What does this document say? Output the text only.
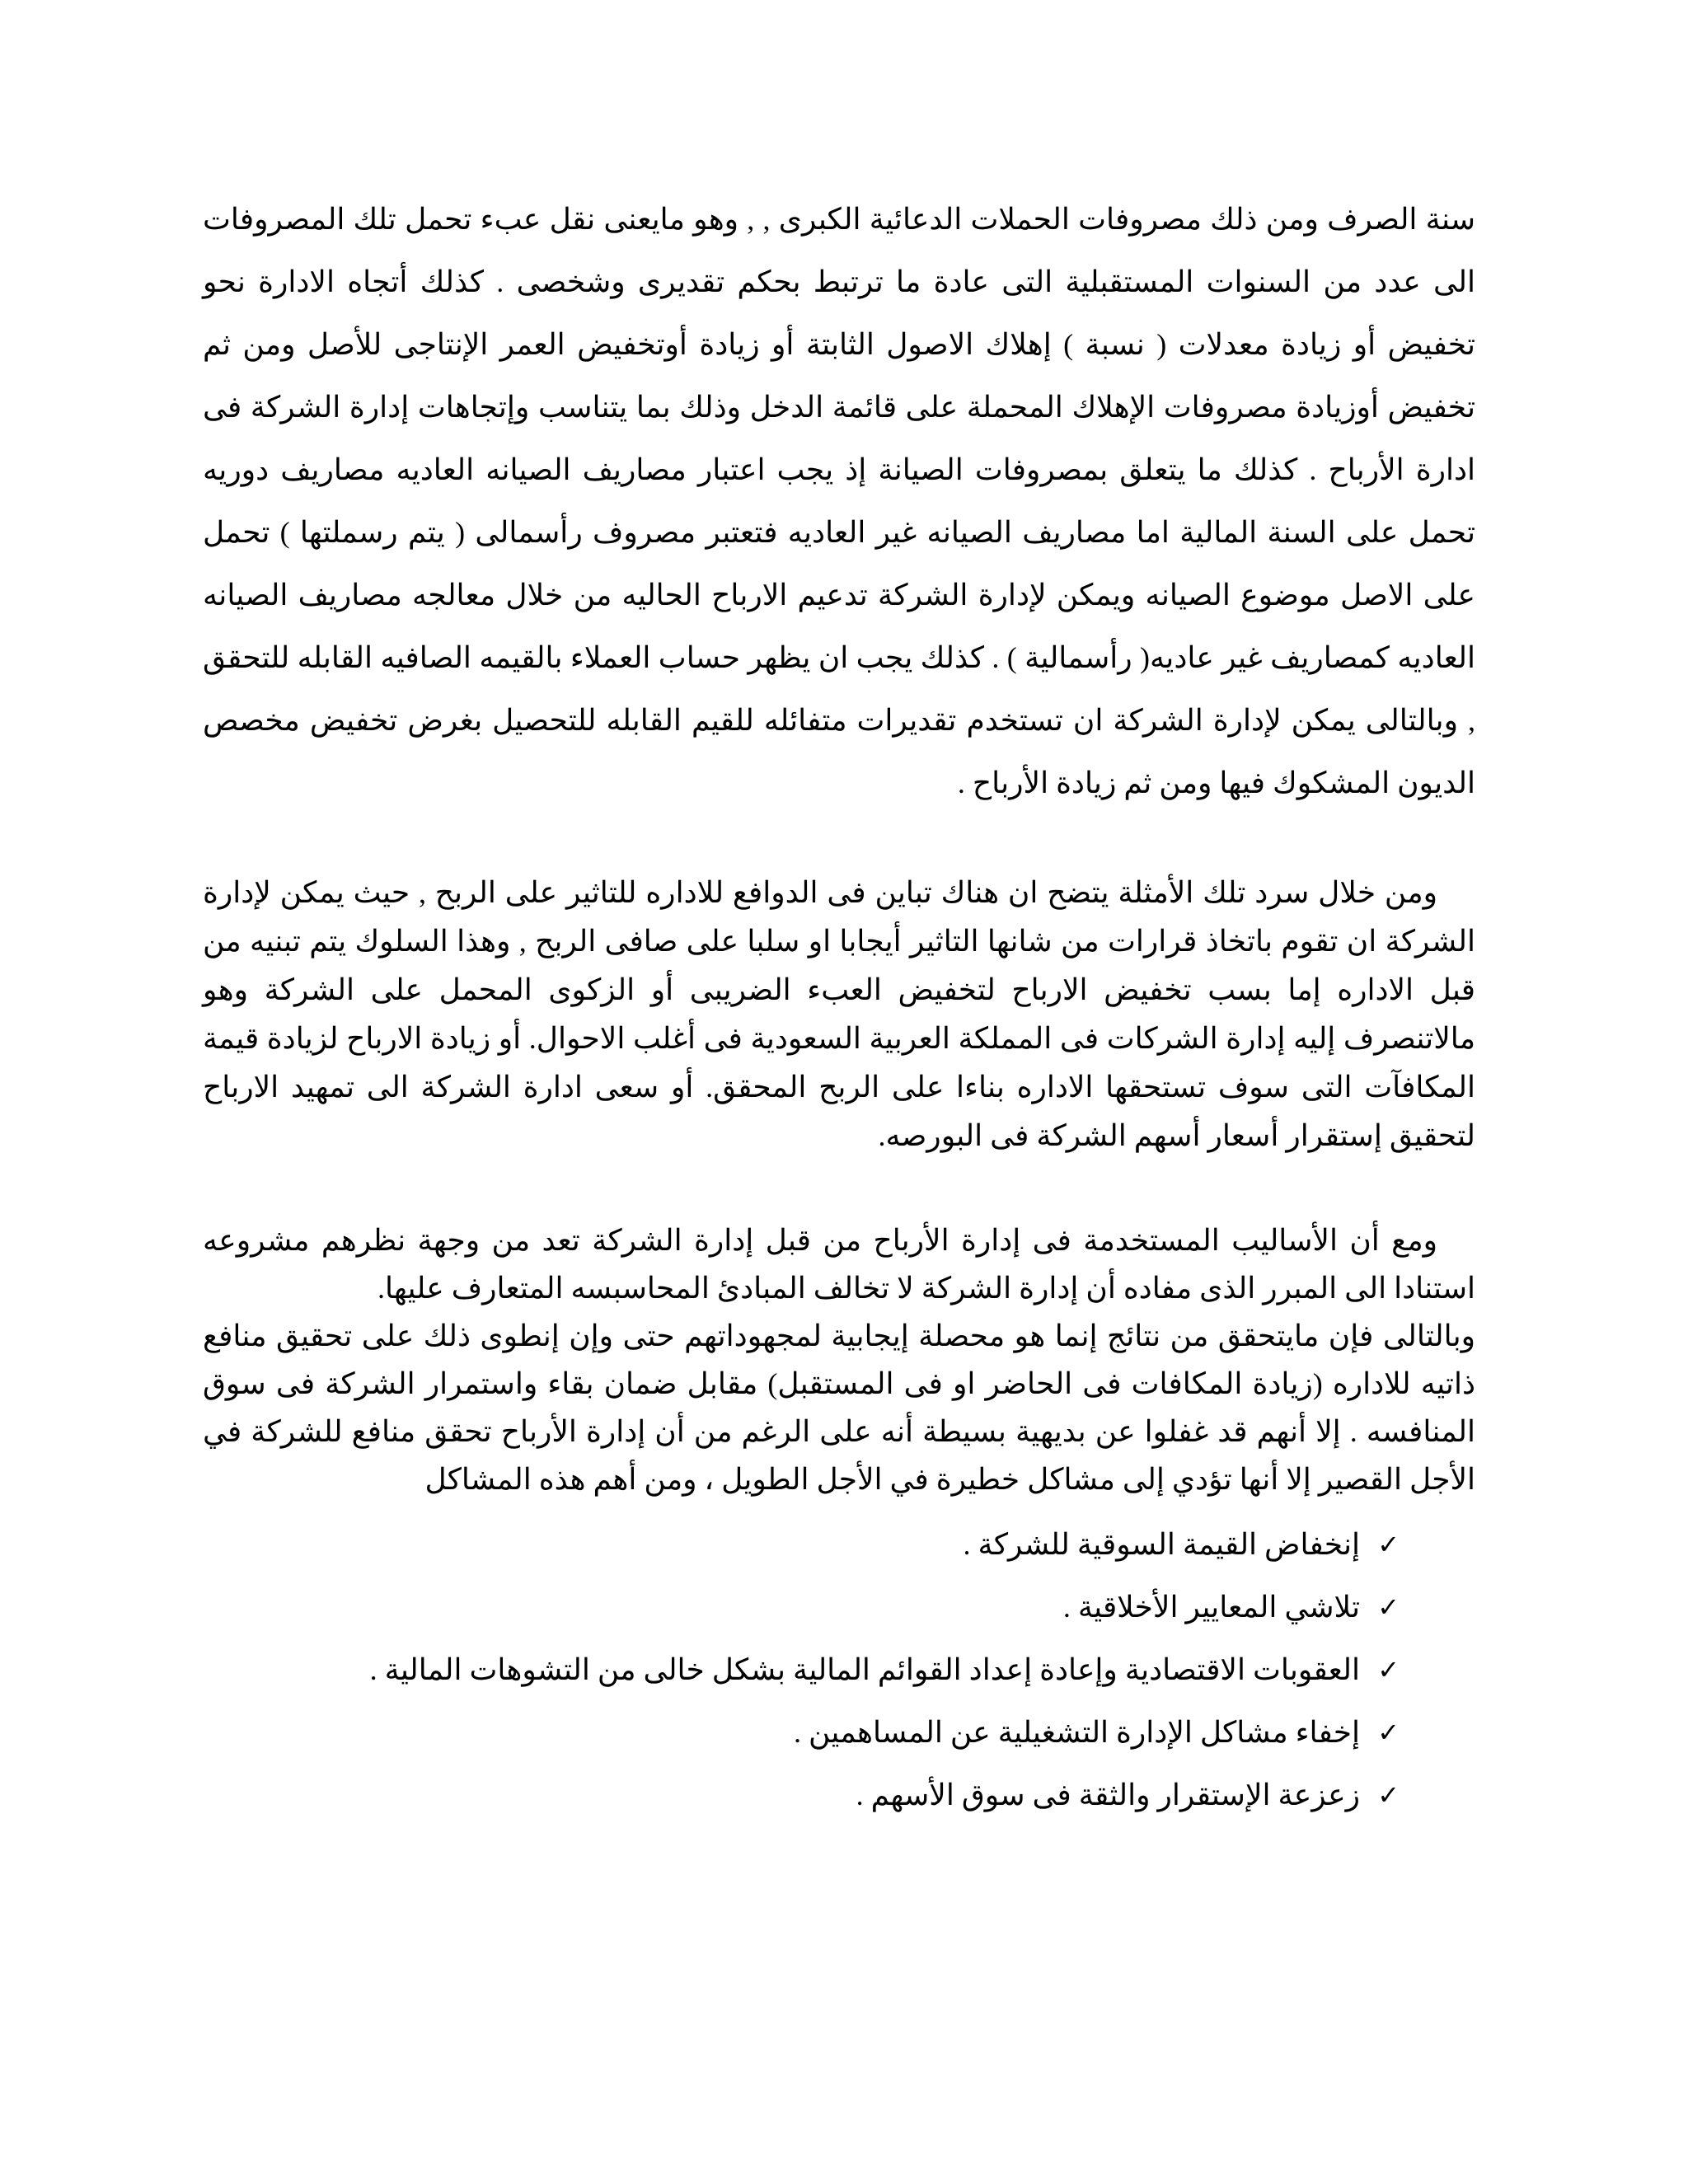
سنة الصرف ومن ذلك مصروفات الحملات الدعائية الكبرى , , وهو مايعنى نقل عبء تحمل تلك المصروفات الى عدد من السنوات المستقبلية التى عادة ما ترتبط بحكم تقديرى وشخصى . كذلك أتجاه الادارة نحو تخفيض أو زيادة معدلات ( نسبة ) إهلاك الاصول الثابتة أو زيادة أوتخفيض العمر الإنتاجى للأصل ومن ثم تخفيض أوزيادة مصروفات الإهلاك المحملة على قائمة الدخل وذلك بما يتناسب وإتجاهات إدارة الشركة فى ادارة الأرباح . كذلك ما يتعلق بمصروفات الصيانة إذ يجب اعتبار مصاريف الصيانه العاديه مصاريف دوريه تحمل على السنة المالية اما مصاريف الصيانه غير العاديه فتعتبر مصروف رأسمالى ( يتم رسملتها ) تحمل على الاصل موضوع الصيانه ويمكن لإدارة الشركة تدعيم الارباح الحاليه من خلال معالجه مصاريف الصيانه العاديه كمصاريف غير عاديه( رأسمالية ) . كذلك يجب ان يظهر حساب العملاء بالقيمه الصافيه القابله للتحقق , وبالتالى يمكن لإدارة الشركة ان تستخدم تقديرات متفائله للقيم القابله للتحصيل بغرض تخفيض مخصص الديون المشكوك فيها ومن ثم زيادة الأرباح .

ومن خلال سرد تلك الأمثلة يتضح ان هناك تباين فى الدوافع للاداره للتاثير على الربح , حيث يمكن لإدارة الشركة ان تقوم باتخاذ قرارات من شانها التاثير أيجابا او سلبا على صافى الربح , وهذا السلوك يتم تبنيه من قبل الاداره إما بسب تخفيض الارباح لتخفيض العبء الضريبى أو الزكوى المحمل على الشركة وهو مالاتنصرف إليه إدارة الشركات فى المملكة العربية السعودية فى أغلب الاحوال. أو زيادة الارباح لزيادة قيمة المكافآت التى سوف تستحقها الاداره بناءا على الربح المحقق. أو سعى ادارة الشركة الى تمهيد الارباح لتحقيق إستقرار أسعار أسهم الشركة فى البورصه.

ومع أن الأساليب المستخدمة فى إدارة الأرباح من قبل إدارة الشركة تعد من وجهة نظرهم مشروعه استنادا الى المبرر الذى مفاده أن إدارة الشركة لا تخالف المبادئ المحاسبسه المتعارف عليها.

وبالتالى فإن مايتحقق من نتائج إنما هو محصلة إيجابية لمجهوداتهم حتى وإن إنطوى ذلك على تحقيق منافع ذاتيه للاداره (زيادة المكافات فى الحاضر او فى المستقبل) مقابل ضمان بقاء واستمرار الشركة فى سوق المنافسه . إلا أنهم قد غفلوا عن بديهية بسيطة أنه على الرغم من أن إدارة الأرباح تحقق منافع للشركة في الأجل القصير إلا أنها تؤدي إلى مشاكل خطيرة في الأجل الطويل ، ومن أهم هذه المشاكل

✓
إنخفاض القيمة السوقية للشركة .
✓
تلاشي المعايير الأخلاقية .
✓
العقوبات الاقتصادية وإعادة إعداد القوائم المالية بشكل خالى من التشوهات المالية .
✓
إخفاء مشاكل الإدارة التشغيلية عن المساهمين .
✓
زعزعة الإستقرار والثقة فى سوق الأسهم .
